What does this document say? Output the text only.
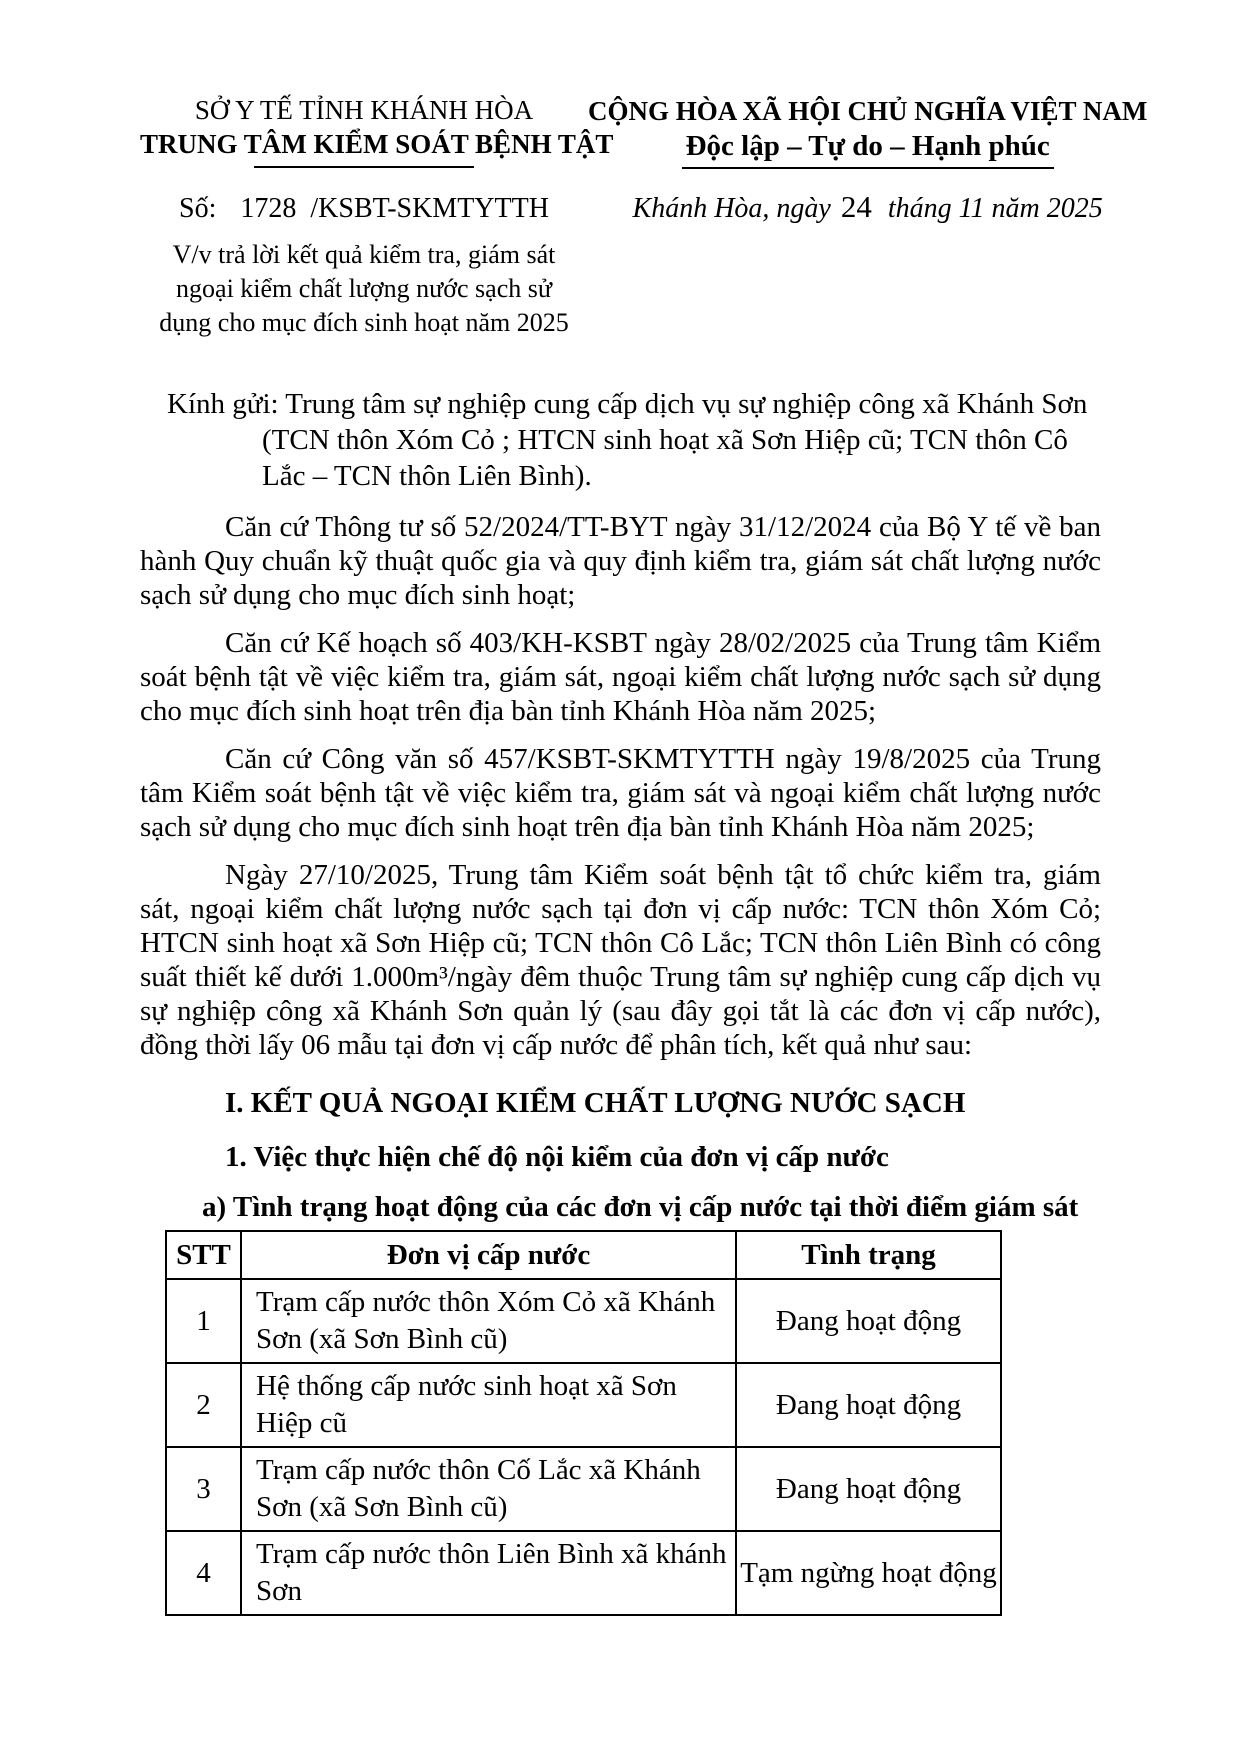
SỞ Y TẾ TỈNH KHÁNH HÒA
TRUNG TÂM KIỂM SOÁT BỆNH TẬT
Số: 1728 /KSBT-SKMTYTTH
V/v trả lời kết quả kiểm tra, giám sát
ngoại kiểm chất lượng nước sạch sử
dụng cho mục đích sinh hoạt năm 2025
CỘNG HÒA XÃ HỘI CHỦ NGHĨA VIỆT NAM
Độc lập – Tự do – Hạnh phúc
Khánh Hòa, ngày 24 tháng 11 năm 2025
Kính gửi: Trung tâm sự nghiệp cung cấp dịch vụ sự nghiệp công xã Khánh Sơn
(TCN thôn Xóm Cỏ ; HTCN sinh hoạt xã Sơn Hiệp cũ; TCN thôn Cô
Lắc – TCN thôn Liên Bình).
Căn cứ Thông tư số 52/2024/TT-BYT ngày 31/12/2024 của Bộ Y tế về ban hành Quy chuẩn kỹ thuật quốc gia và quy định kiểm tra, giám sát chất lượng nước sạch sử dụng cho mục đích sinh hoạt;
Căn cứ Kế hoạch số 403/KH-KSBT ngày 28/02/2025 của Trung tâm Kiểm soát bệnh tật về việc kiểm tra, giám sát, ngoại kiểm chất lượng nước sạch sử dụng cho mục đích sinh hoạt trên địa bàn tỉnh Khánh Hòa năm 2025;
Căn cứ Công văn số 457/KSBT-SKMTYTTH ngày 19/8/2025 của Trung tâm Kiểm soát bệnh tật về việc kiểm tra, giám sát và ngoại kiểm chất lượng nước sạch sử dụng cho mục đích sinh hoạt trên địa bàn tỉnh Khánh Hòa năm 2025;
Ngày 27/10/2025, Trung tâm Kiểm soát bệnh tật tổ chức kiểm tra, giám sát, ngoại kiểm chất lượng nước sạch tại đơn vị cấp nước: TCN thôn Xóm Cỏ; HTCN sinh hoạt xã Sơn Hiệp cũ; TCN thôn Cô Lắc; TCN thôn Liên Bình có công suất thiết kế dưới 1.000m³/ngày đêm thuộc Trung tâm sự nghiệp cung cấp dịch vụ sự nghiệp công xã Khánh Sơn quản lý (sau đây gọi tắt là các đơn vị cấp nước), đồng thời lấy 06 mẫu tại đơn vị cấp nước để phân tích, kết quả như sau:
I. KẾT QUẢ NGOẠI KIỂM CHẤT LƯỢNG NƯỚC SẠCH
1. Việc thực hiện chế độ nội kiểm của đơn vị cấp nước
a) Tình trạng hoạt động của các đơn vị cấp nước tại thời điểm giám sát
STT	Đơn vị cấp nước	Tình trạng
1	Trạm cấp nước thôn Xóm Cỏ xã Khánh Sơn (xã Sơn Bình cũ)	Đang hoạt động
2	Hệ thống cấp nước sinh hoạt xã Sơn Hiệp cũ	Đang hoạt động
3	Trạm cấp nước thôn Cố Lắc xã Khánh Sơn (xã Sơn Bình cũ)	Đang hoạt động
4	Trạm cấp nước thôn Liên Bình xã khánh Sơn	Tạm ngừng hoạt động
